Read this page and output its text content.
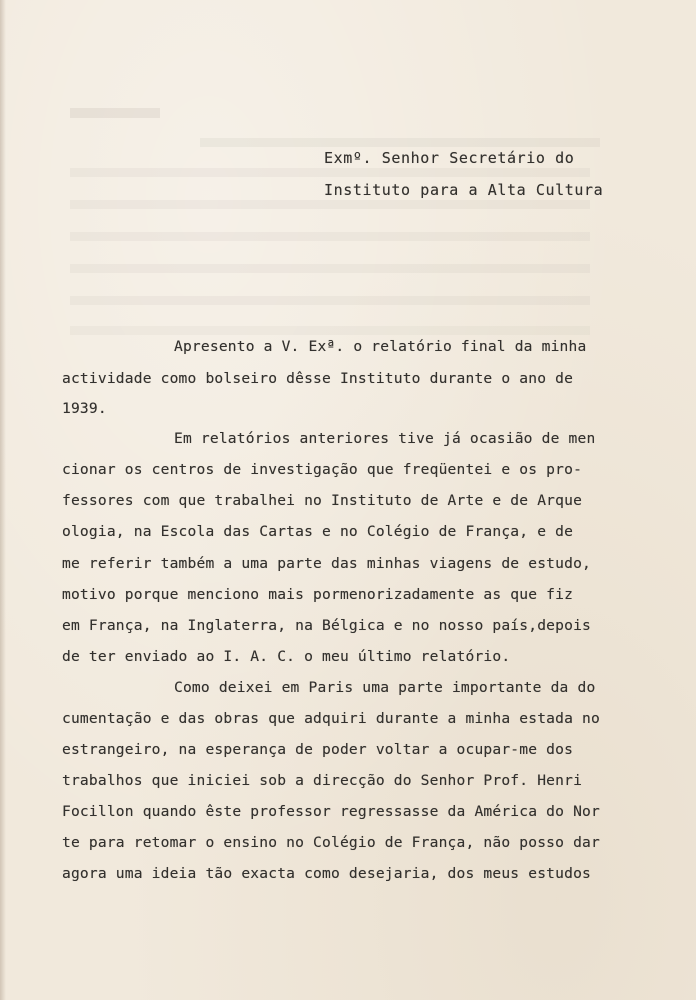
Exmº. Senhor Secretário do
Instituto para a Alta Cultura
Apresento a V. Exª. o relatório final da minha
actividade como bolseiro dêsse Instituto durante o ano de
1939.
Em relatórios anteriores tive já ocasião de men
cionar os centros de investigação que freqüentei e os pro-
fessores com que trabalhei no Instituto de Arte e de Arque
ologia, na Escola das Cartas e no Colégio de França, e de
me referir também a uma parte das minhas viagens de estudo,
motivo porque menciono mais pormenorizadamente as que fiz
em França, na Inglaterra, na Bélgica e no nosso país,depois
de ter enviado ao I. A. C. o meu último relatório.
Como deixei em Paris uma parte importante da do
cumentação e das obras que adquiri durante a minha estada no
estrangeiro, na esperança de poder voltar a ocupar-me dos
trabalhos que iniciei sob a direcção do Senhor Prof. Henri
Focillon quando êste professor regressasse da América do Nor
te para retomar o ensino no Colégio de França, não posso dar
agora uma ideia tão exacta como desejaria, dos meus estudos
